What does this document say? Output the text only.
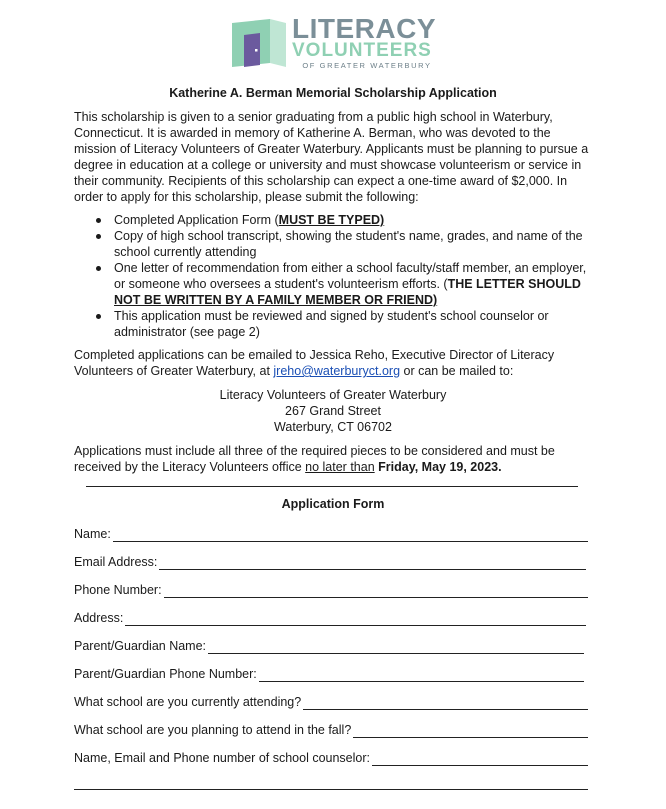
LITERACY
VOLUNTEERS
OF GREATER WATERBURY
Katherine A. Berman Memorial Scholarship Application
This scholarship is given to a senior graduating from a public high school in Waterbury, Connecticut. It is awarded in memory of Katherine A. Berman, who was devoted to the mission of Literacy Volunteers of Greater Waterbury. Applicants must be planning to pursue a degree in education at a college or university and must showcase volunteerism or service in their community. Recipients of this scholarship can expect a one-time award of $2,000. In order to apply for this scholarship, please submit the following:
Completed Application Form (MUST BE TYPED)
Copy of high school transcript, showing the student's name, grades, and name of the school currently attending
One letter of recommendation from either a school faculty/staff member, an employer, or someone who oversees a student's volunteerism efforts. (THE LETTER SHOULD NOT BE WRITTEN BY A FAMILY MEMBER OR FRIEND)
This application must be reviewed and signed by student's school counselor or administrator (see page 2)
Completed applications can be emailed to Jessica Reho, Executive Director of Literacy Volunteers of Greater Waterbury, at jreho@waterburyct.org or can be mailed to:
Literacy Volunteers of Greater Waterbury
267 Grand Street
Waterbury, CT 06702
Applications must include all three of the required pieces to be considered and must be received by the Literacy Volunteers office no later than Friday, May 19, 2023.
Application Form
Name:
Email Address:
Phone Number:
Address:
Parent/Guardian Name:
Parent/Guardian Phone Number:
What school are you currently attending?
What school are you planning to attend in the fall?
Name, Email and Phone number of school counselor:
